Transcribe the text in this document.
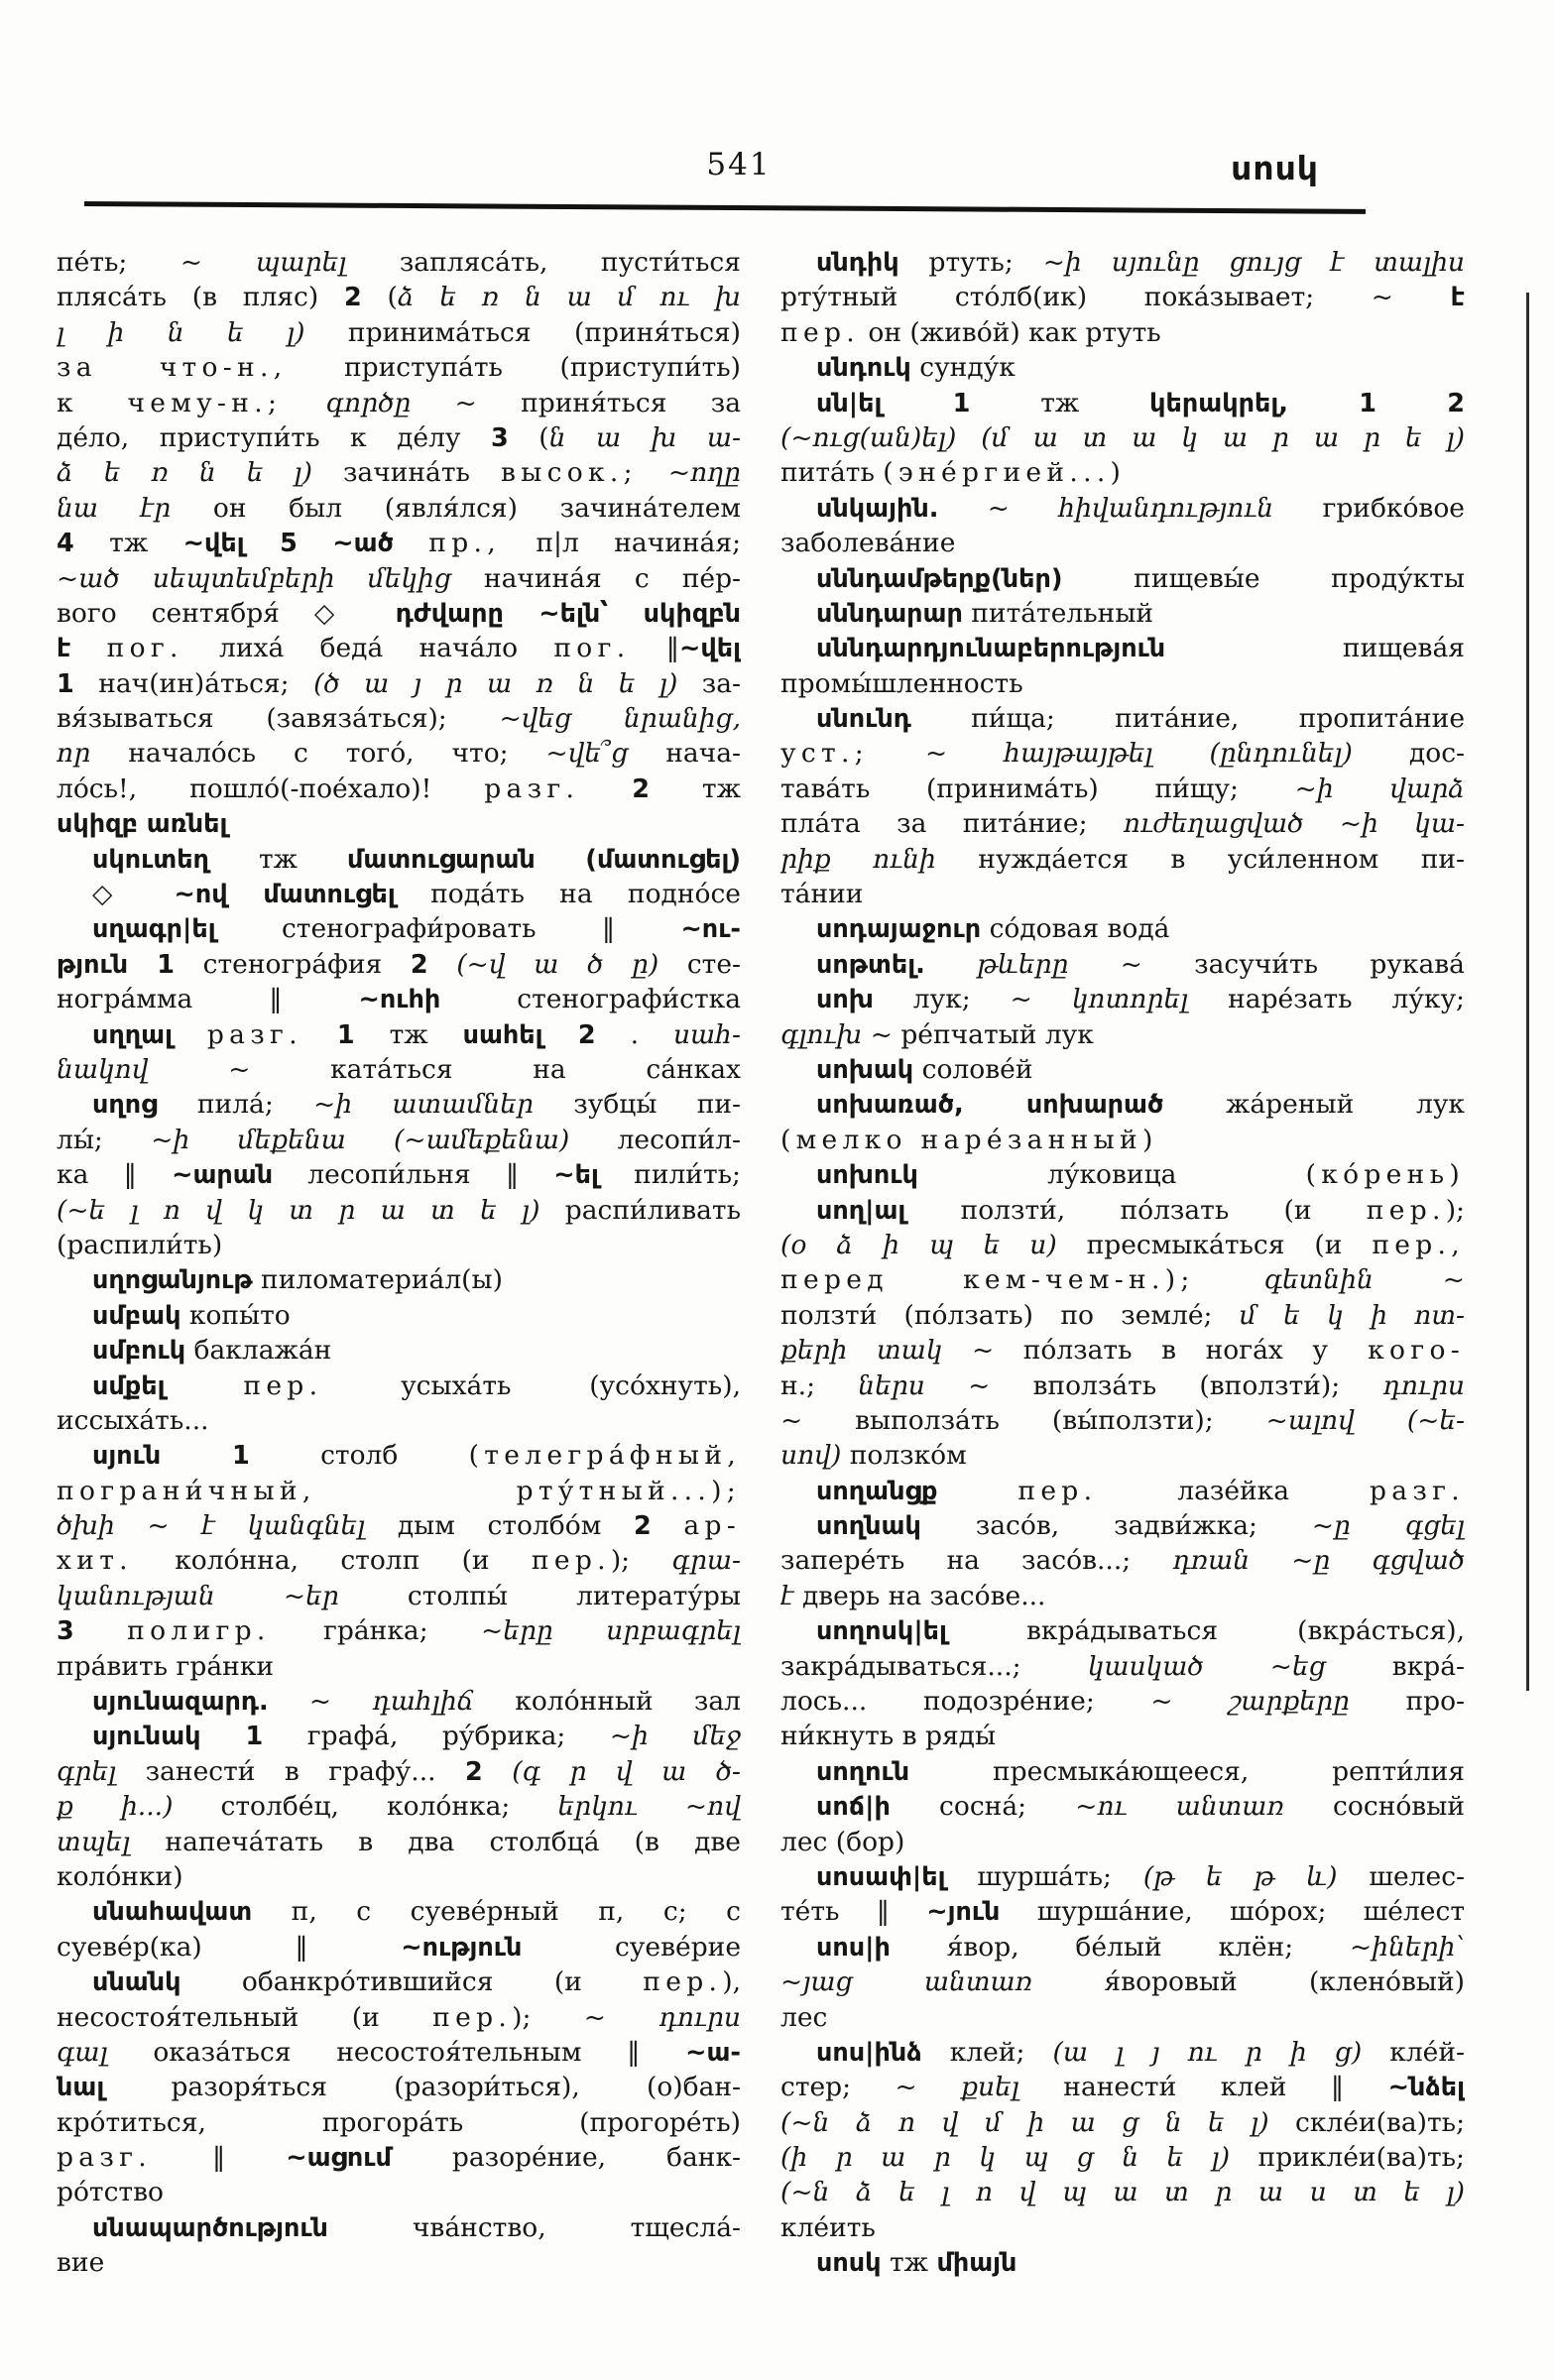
541	սոսկ
пе́ть; ~ պարել запляса́ть, пусти́ться
пляса́ть (в пляс) 2 (ձ ե ռ ն ա մ ու խ
լ ի ն ե լ) принима́ться (приня́ться)
за что-н., приступа́ть (приступи́ть)
к чему-н.; գործը ~ приня́ться за
де́ло, приступи́ть к де́лу 3 (ն ա խ ա-
ձ ե ռ ն ե լ) зачина́ть высок.; ~ողը
նա էր он был (явля́лся) зачина́телем
4 тж ~վել 5 ~ած пр., п|л начина́я;
~ած սեպտեմբերի մեկից начина́я с пе́р-
вого сентября́ ◇ դժվարը ~ելն՝ սկիզբն
է пог. лиха́ беда́ нача́ло пог. ‖~վել
1 нач(ин)а́ться; (ծ ա յ ր ա ռ ն ե լ) за-
вя́зываться (завяза́ться); ~վեց նրանից,
որ начало́сь с того́, что; ~վե՞ց нача-
ло́сь!, пошло́(-пое́хало)! разг. 2 тж
սկիզբ առնել
սկուտեղ тж մատուցարան (մատուցել)
◇ ~ով մատուցել пода́ть на подно́се
սղագր|ել стенографи́ровать ‖ ~ու-
թյուն 1 стеногра́фия 2 (~վ ա ծ ը) сте-
ногра́мма ‖ ~ուհի стенографи́стка
սղղալ разг. 1 тж սահել 2 . սահ-
նակով ~ ката́ться на са́нках
սղոց пила́; ~ի ատամներ зубцы́ пи-
лы́; ~ի մեքենա (~ամեքենա) лесопи́л-
ка ‖ ~արան лесопи́льня ‖ ~ել пили́ть;
(~ե լ ո վ կ տ ր ա տ ե լ) распи́ливать
(распили́ть)
սղոցանյութ пиломатериа́л(ы)
սմբակ копы́то
սմբուկ баклажа́н
սմքել	пер. усыха́ть (усо́хнуть),
иссыха́ть...
սյուն 1 столб (телегра́фный,
пограни́чный, рту́тный...);
ծխի ~ է կանգնել дым столбо́м 2 ар-
хит. коло́нна, столп (и пер.); գրա-
կանության ~եր столпы́ литерату́ры
3 полигр. гра́нка; ~երը սրբագրել
пра́вить гра́нки
սյունազարդ. ~ դահլիճ коло́нный зал
սյունակ 1 графа́, ру́брика; ~ի մեջ
գրել занести́ в графу́... 2 (գ ր վ ա ծ-
ք ի...) столбе́ц, коло́нка; երկու ~ով
տպել напеча́тать в два столбца́ (в две
коло́нки)
սնահավատ п, с суеве́рный п, с; с
суеве́р(ка) ‖ ~ություն суеве́рие
սնանկ обанкро́тившийся (и пер.),
несостоя́тельный (и пер.); ~ դուրս
գալ оказа́ться несостоя́тельным ‖ ~ա-
նալ разоря́ться (разори́ться), (о)бан-
кро́титься, прогора́ть (прогоре́ть)
разг. ‖ ~ացում разоре́ние, банк-
ро́тство
սնապարծություն чва́нство, тщесла́-
вие
սնդիկ ртуть; ~ի սյունը ցույց է տալիս
рту́тный сто́лб(ик) пока́зывает; ~ է
пер. он (живо́й) как ртуть
սնդուկ сунду́к
սն|ել 1 тж կերակրել, 1 2
(~ուց(ան)ել) (մ ա տ ա կ ա ր ա ր ե լ)
пита́ть (эне́ргией...)
սնկային. ~ հիվանդություն грибко́вое
заболева́ние
սննդամթերք(ներ) пищевы́е проду́кты
սննդարար пита́тельный
սննդարդյունաբերություն пищева́я
промы́шленность
սնունդ пи́ща; пита́ние, пропита́ние
уст.; ~ հայթայթել (ընդունել) дос-
тава́ть (принима́ть) пи́щу; ~ի վարձ
пла́та за пита́ние; ուժեղացված ~ի կա-
րիք ունի нужда́ется в уси́ленном пи-
та́нии
սոդայաջուր со́довая вода́
սոթտել. թևերը ~ засучи́ть рукава́
սոխ лук; ~ կոտորել наре́зать лу́ку;
գլուխ ~ ре́пчатый лук
սոխակ солове́й
սոխառած, սոխարած жа́реный лук
(мелко наре́занный)
սոխուկ лу́ковица (ко́рень)
սող|ալ ползти́, по́лзать (и пер.);
(օ ձ ի պ ե ս) пресмыка́ться (и пер.,
перед кем-чем-н.);	գետնին ~
ползти́ (по́лзать) по земле́; մ ե կ ի ոտ-
քերի տակ ~ по́лзать в нога́х у кого-
н.; ներս ~ вполза́ть (вползти́); դուրս
~ выполза́ть (вы́ползти); ~ալով (~ե-
սով) ползко́м
սողանցք	пер. лазе́йка разг.
սողնակ засо́в, задви́жка; ~ը գցել
запере́ть на засо́в...; դռան ~ը գցված
է дверь на засо́ве...
սողոսկ|ել вкра́дываться (вкра́сться),
закра́дываться...; կասկած ~եց вкра́-
лось... подозре́ние; ~ շարքերը про-
ни́кнуть в ряды́
սողուն пресмыка́ющееся, репти́лия
սոճ|ի сосна́; ~ու անտառ сосно́вый
лес (бор)
սոսափ|ել шурша́ть; (թ ե թ և) шелес-
те́ть ‖ ~յուն шурша́ние, шо́рох; ше́лест
սոս|ի я́вор, бе́лый клён; ~իների՝
~յաց անտառ я́воровый (клено́вый)
лес
սոս|ինձ клей; (ա լ յ ու ր ի ց) кле́й-
стер; ~ քսել нанести́ клей ‖ ~նձել
(~ն ձ ո վ մ ի ա ց ն ե լ) скле́и(ва)ть;
(ի ր ա ր կ պ ց ն ե լ) прикле́и(ва)ть;
(~ն ձ ե լ ո վ պ ա տ ր ա ս տ ե լ)
кле́ить
սոսկ тж միայն
